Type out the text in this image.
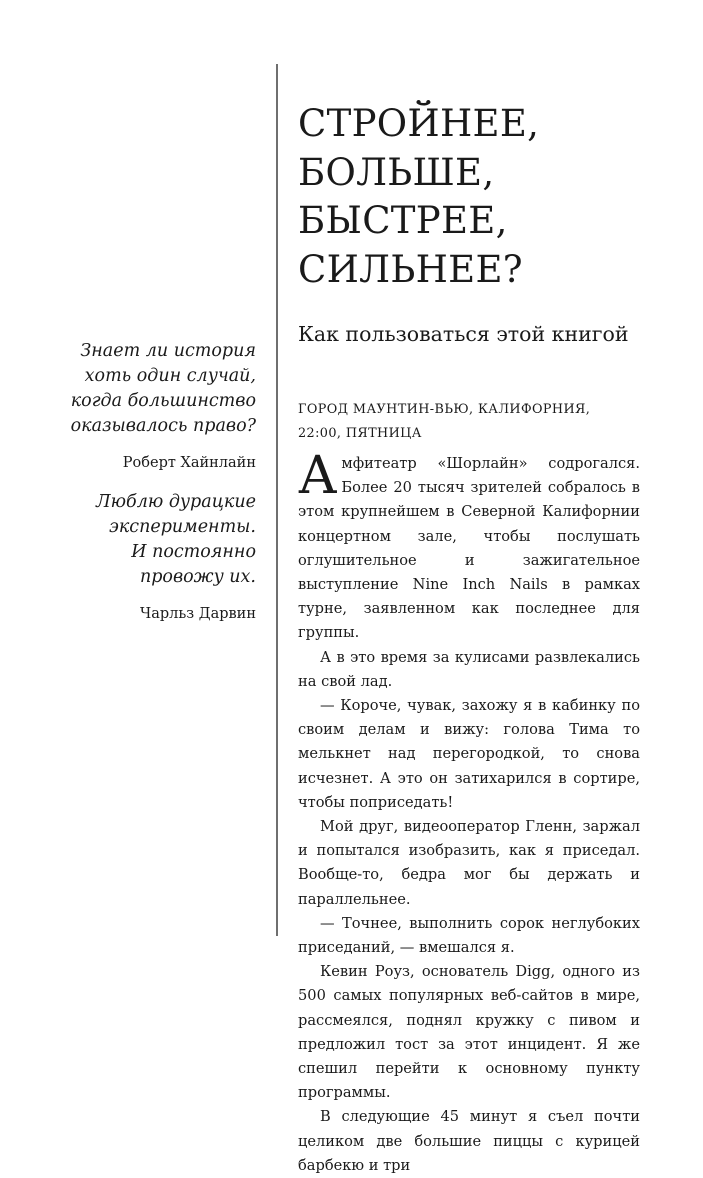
Знает ли история
хоть один случай,
когда большинство
оказывалось право?

Роберт Хайнлайн

Люблю дурацкие
эксперименты.
И постоянно
провожу их.

Чарльз Дарвин

СТРОЙНЕЕ,
БОЛЬШЕ,
БЫСТРЕЕ,
СИЛЬНЕЕ?

Как пользоваться этой книгой

ГОРОД МАУНТИН-ВЬЮ, КАЛИФОРНИЯ,
22:00, ПЯТНИЦА

Амфитеатр «Шорлайн» содрогался. Более 20 тысяч зрителей собралось в этом крупнейшем в Северной Калифорнии концертном зале, чтобы послушать оглушительное и зажигательное выступление Nine Inch Nails в рамках турне, заявленном как последнее для группы.

А в это время за кулисами развлекались на свой лад.

— Короче, чувак, захожу я в кабинку по своим делам и вижу: голова Тима то мелькнет над перегородкой, то снова исчезнет. А это он затихарился в сортире, чтобы поприседать!

Мой друг, видеооператор Гленн, заржал и попытался изобразить, как я приседал. Вообще-то, бедра мог бы держать и параллельнее.

— Точнее, выполнить сорок неглубоких приседаний, — вмешался я.

Кевин Роуз, основатель Digg, одного из 500 самых популярных веб-сайтов в мире, рассмеялся, поднял кружку с пивом и предложил тост за этот инцидент. Я же спешил перейти к основному пункту программы.

В следующие 45 минут я съел почти целиком две большие пиццы с курицей барбекю и три
